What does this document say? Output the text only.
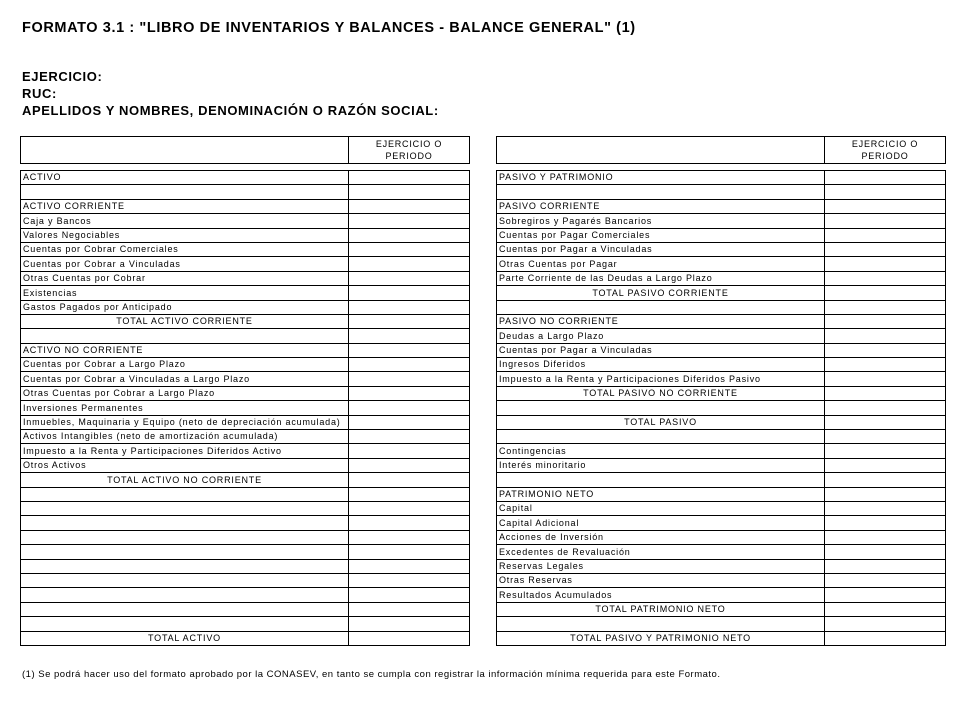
FORMATO 3.1 : "LIBRO DE INVENTARIOS Y BALANCES - BALANCE GENERAL" (1)
EJERCICIO:
RUC:
APELLIDOS Y NOMBRES, DENOMINACIÓN O RAZÓN SOCIAL:
	EJERCICIO O PERIODO

ACTIVO	

ACTIVO CORRIENTE	
Caja y Bancos	
Valores Negociables	
Cuentas por Cobrar Comerciales	
Cuentas por Cobrar a Vinculadas	
Otras Cuentas por Cobrar	
Existencias	
Gastos Pagados por Anticipado	
TOTAL ACTIVO CORRIENTE	

ACTIVO NO CORRIENTE	
Cuentas por Cobrar a Largo Plazo	
Cuentas por Cobrar a Vinculadas a Largo Plazo	
Otras Cuentas por Cobrar a Largo Plazo	
Inversiones Permanentes	
Inmuebles, Maquinaria y Equipo (neto de depreciación acumulada)	
Activos Intangibles (neto de amortización acumulada)	
Impuesto a la Renta y Participaciones Diferidos Activo	
Otros Activos	
TOTAL ACTIVO NO CORRIENTE	

TOTAL ACTIVO	
	EJERCICIO O PERIODO

PASIVO Y PATRIMONIO	

PASIVO CORRIENTE	
Sobregiros y Pagarés Bancarios	
Cuentas por Pagar Comerciales	
Cuentas por Pagar a Vinculadas	
Otras Cuentas por Pagar	
Parte Corriente de las Deudas a Largo Plazo	
TOTAL PASIVO CORRIENTE	

PASIVO NO CORRIENTE	
Deudas a Largo Plazo	
Cuentas por Pagar a Vinculadas	
Ingresos Diferidos	
Impuesto a la Renta y Participaciones Diferidos Pasivo	
TOTAL PASIVO NO CORRIENTE	

TOTAL PASIVO	

Contingencias	
Interés minoritario	

PATRIMONIO NETO	
Capital	
Capital Adicional	
Acciones de Inversión	
Excedentes de Revaluación	
Reservas Legales	
Otras Reservas	
Resultados Acumulados	
TOTAL PATRIMONIO NETO	

TOTAL PASIVO Y PATRIMONIO NETO	
(1) Se podrá hacer uso del formato aprobado por la CONASEV, en tanto se cumpla con registrar la información mínima requerida para este Formato.
